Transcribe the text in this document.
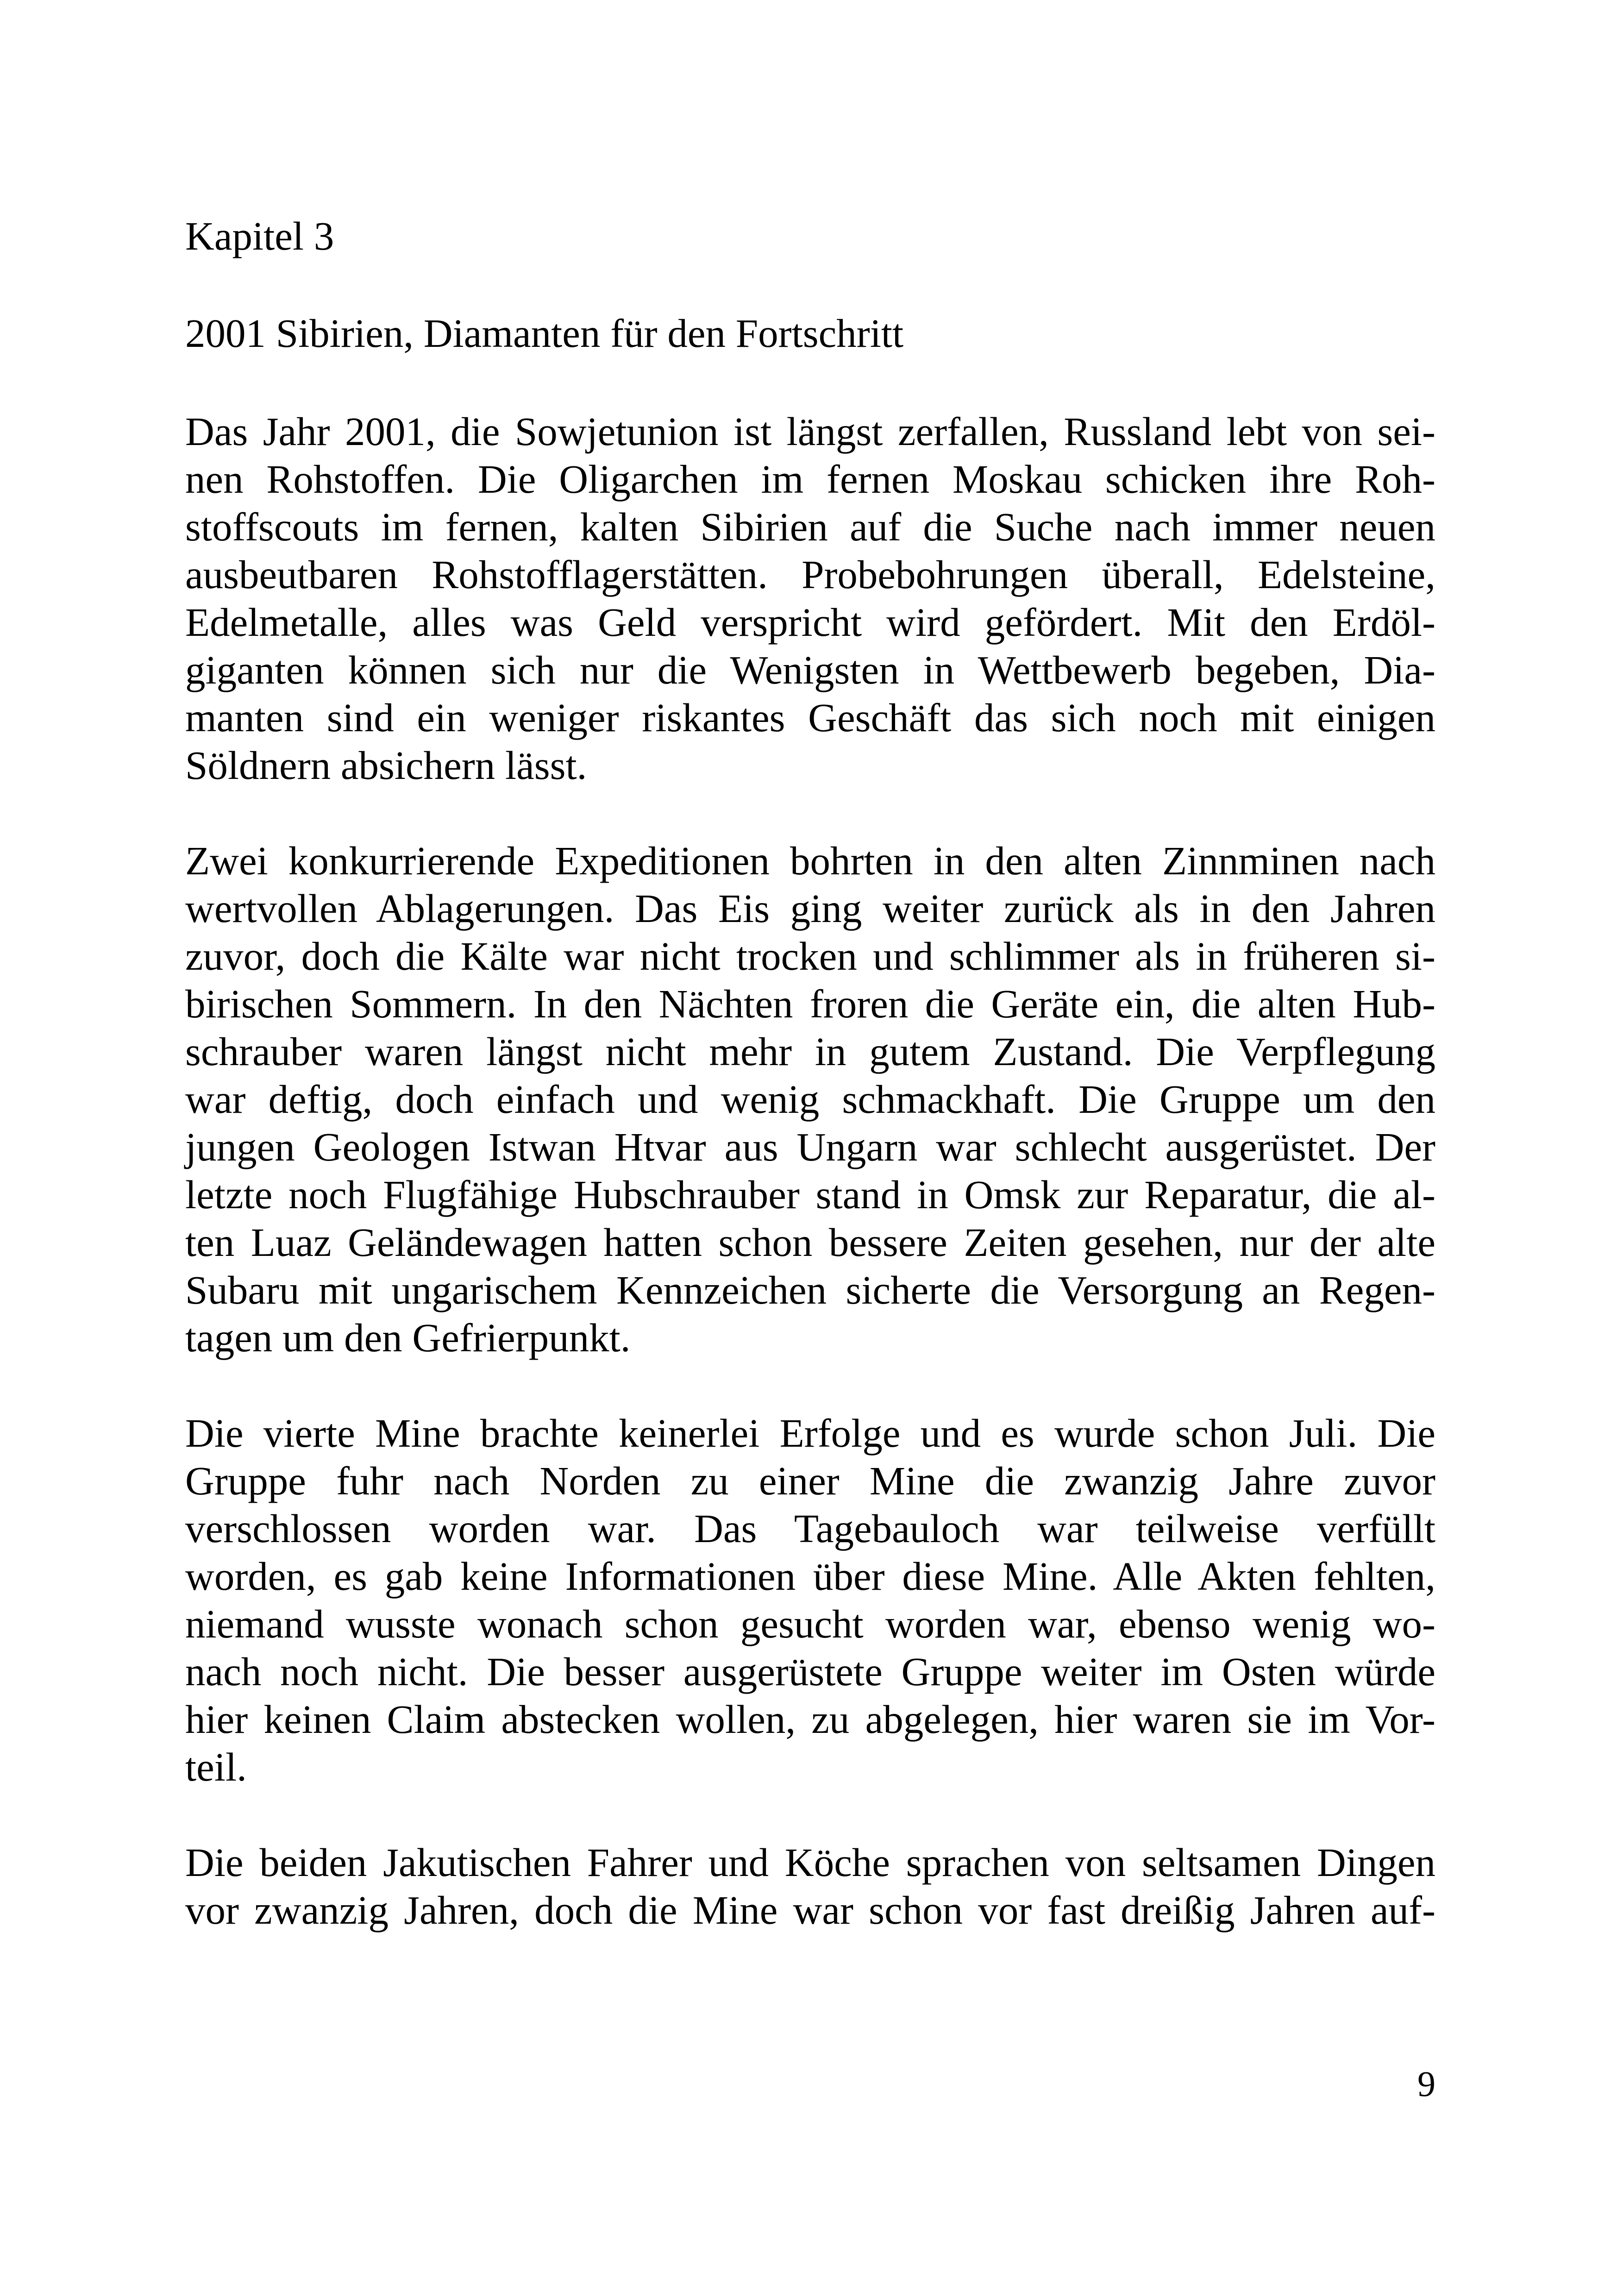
Kapitel 3
2001 Sibirien, Diamanten für den Fortschritt

Das Jahr 2001, die Sowjetunion ist längst zerfallen, Russland lebt von sei-
nen Rohstoffen. Die Oligarchen im fernen Moskau schicken ihre Roh-
stoffscouts im fernen, kalten Sibirien auf die Suche nach immer neuen
ausbeutbaren Rohstofflagerstätten. Probebohrungen überall, Edelsteine,
Edelmetalle, alles was Geld verspricht wird gefördert. Mit den Erdöl-
giganten können sich nur die Wenigsten in Wettbewerb begeben, Dia-
manten sind ein weniger riskantes Geschäft das sich noch mit einigen
Söldnern absichern lässt.

Zwei konkurrierende Expeditionen bohrten in den alten Zinnminen nach
wertvollen Ablagerungen. Das Eis ging weiter zurück als in den Jahren
zuvor, doch die Kälte war nicht trocken und schlimmer als in früheren si-
birischen Sommern. In den Nächten froren die Geräte ein, die alten Hub-
schrauber waren längst nicht mehr in gutem Zustand. Die Verpflegung
war deftig, doch einfach und wenig schmackhaft. Die Gruppe um den
jungen Geologen Istwan Htvar aus Ungarn war schlecht ausgerüstet. Der
letzte noch Flugfähige Hubschrauber stand in Omsk zur Reparatur, die al-
ten Luaz Geländewagen hatten schon bessere Zeiten gesehen, nur der alte
Subaru mit ungarischem Kennzeichen sicherte die Versorgung an Regen-
tagen um den Gefrierpunkt.

Die vierte Mine brachte keinerlei Erfolge und es wurde schon Juli. Die
Gruppe fuhr nach Norden zu einer Mine die zwanzig Jahre zuvor
verschlossen worden war. Das Tagebauloch war teilweise verfüllt
worden, es gab keine Informationen über diese Mine. Alle Akten fehlten,
niemand wusste wonach schon gesucht worden war, ebenso wenig wo-
nach noch nicht. Die besser ausgerüstete Gruppe weiter im Osten würde
hier keinen Claim abstecken wollen, zu abgelegen, hier waren sie im Vor-
teil.

Die beiden Jakutischen Fahrer und Köche sprachen von seltsamen Dingen
vor zwanzig Jahren, doch die Mine war schon vor fast dreißig Jahren auf-

9
